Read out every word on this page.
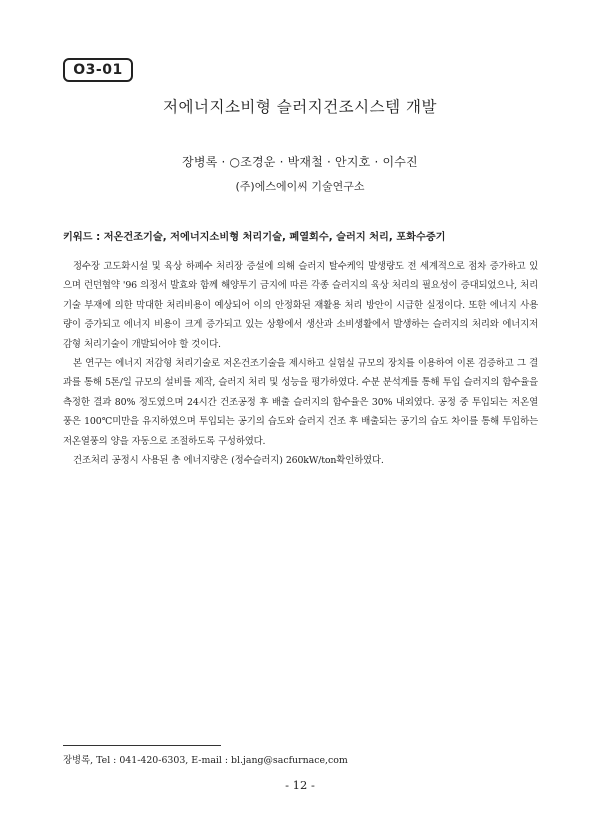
O3-01
저에너지소비형 슬러지건조시스템 개발
장병록 · ○조경운 · 박재철 · 안지호 · 이수진
(주)에스에이씨 기술연구소
키워드 : 저온건조기술, 저에너지소비형 처리기술, 폐열회수, 슬러지 처리, 포화수증기

정수장 고도화시설 및 육상 하폐수 처리장 증설에 의해 슬러지 탈수케익 발생량도 전 세계적으로 점차 증가하고 있으며 런던협약 '96 의정서 발효와 함께 해양투기 금지에 따른 각종 슬러지의 육상 처리의 필요성이 증대되었으나, 처리기술 부재에 의한 막대한 처리비용이 예상되어 이의 안정화된 재활용 처리 방안이 시급한 실정이다. 또한 에너지 사용량이 증가되고 에너지 비용이 크게 증가되고 있는 상황에서 생산과 소비생활에서 발생하는 슬러지의 처리와 에너지저감형 처리기술이 개발되어야 할 것이다.

본 연구는 에너지 저감형 처리기술로 저온건조기술을 제시하고 실험실 규모의 장치를 이용하여 이론 검증하고 그 결과를 통해 5톤/일 규모의 설비를 제작, 슬러지 처리 및 성능을 평가하였다. 수분 분석계를 통해 투입 슬러지의 함수율을 측정한 결과 80% 정도였으며 24시간 건조공정 후 배출 슬러지의 함수율은 30% 내외였다. 공정 중 투입되는 저온열풍은 100℃미만을 유지하였으며 투입되는 공기의 습도와 슬러지 건조 후 배출되는 공기의 습도 차이를 통해 투입하는 저온열풍의 양을 자동으로 조절하도록 구성하였다.

건조처리 공정시 사용된 총 에너지량은 (정수슬러지) 260kW/ton확인하였다.

장병록, Tel : 041-420-6303, E-mail : bl.jang@sacfurnace,com
- 12 -
